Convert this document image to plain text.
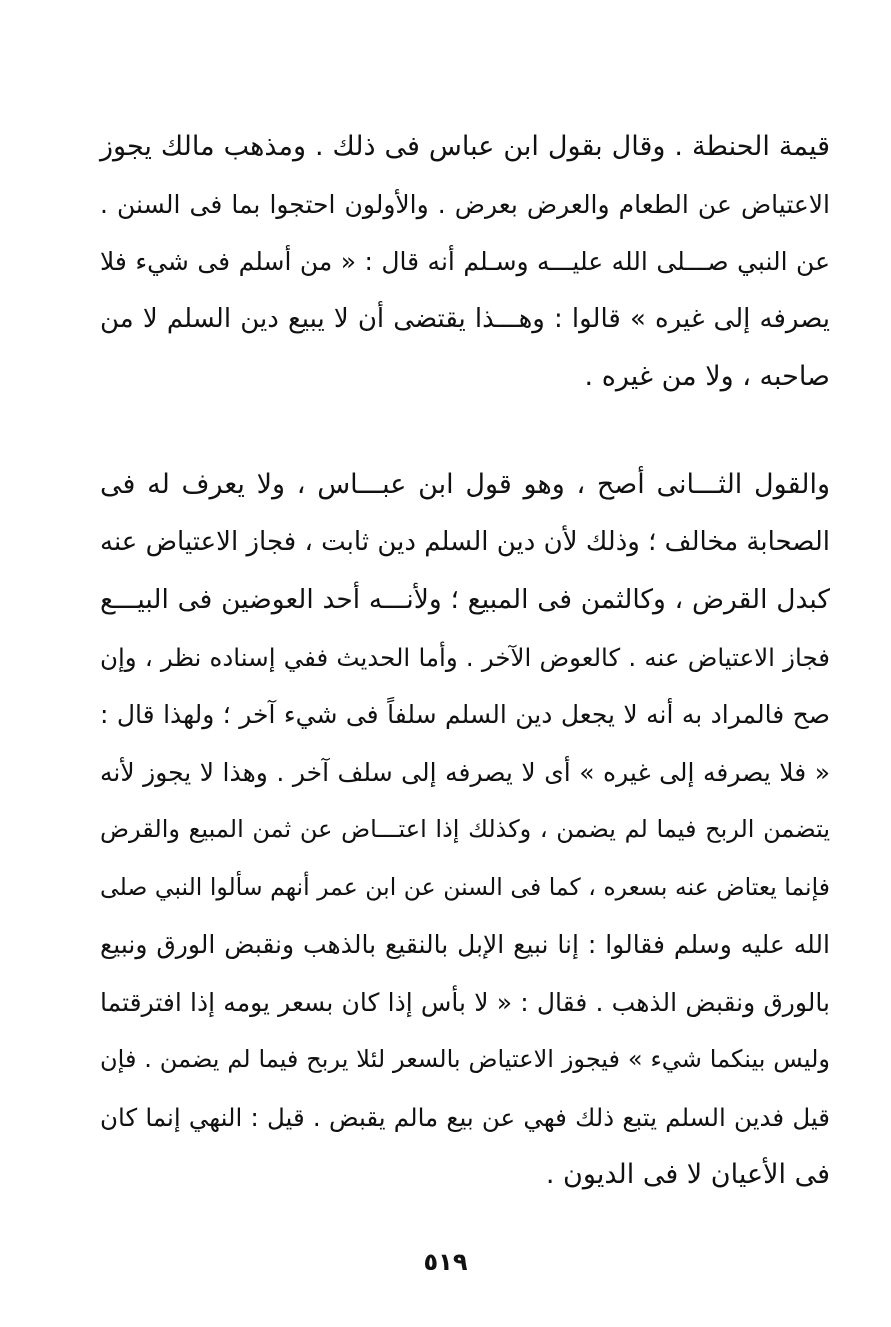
قيمة الحنطة . وقال بقول ابن عباس فى ذلك . ومذهب مالك يجوز
الاعتياض عن الطعام والعرض بعرض . والأولون احتجوا بما فى السنن .
عن النبي صـــلى الله عليـــه وسـلم أنه قال : « من أسلم فى شيء فلا
يصرفه إلى غيره » قالوا : وهـــذا يقتضى أن لا يبيع دين السلم لا من
صاحبه ، ولا من غيره .
والقول الثـــانى أصح ، وهو قول ابن عبـــاس ، ولا يعرف له فى
الصحابة مخالف ؛ وذلك لأن دين السلم دين ثابت ، فجاز الاعتياض عنه
كبدل القرض ، وكالثمن فى المبيع ؛ ولأنـــه أحد العوضين فى البيـــع
فجاز الاعتياض عنه . كالعوض الآخر . وأما الحديث ففي إسناده نظر ، وإن
صح فالمراد به أنه لا يجعل دين السلم سلفاً فى شيء آخر ؛ ولهذا قال :
« فلا يصرفه إلى غيره » أى لا يصرفه إلى سلف آخر . وهذا لا يجوز لأنه
يتضمن الربح فيما لم يضمن ، وكذلك إذا اعتـــاض عن ثمن المبيع والقرض
فإنما يعتاض عنه بسعره ، كما فى السنن عن ابن عمر أنهم سألوا النبي صلى
الله عليه وسلم فقالوا : إنا نبيع الإبل بالنقيع بالذهب ونقبض الورق ونبيع
بالورق ونقبض الذهب . فقال : « لا بأس إذا كان بسعر يومه إذا افترقتما
وليس بينكما شيء » فيجوز الاعتياض بالسعر لئلا يربح فيما لم يضمن . فإن
قيل فدين السلم يتبع ذلك فهي عن بيع مالم يقبض . قيل : النهي إنما كان
فى الأعيان لا فى الديون .
٥١٩
